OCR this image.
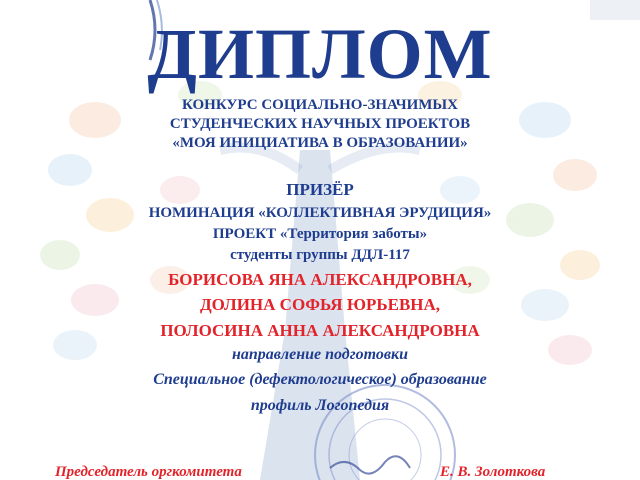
ДИПЛОМ
КОНКУРС СОЦИАЛЬНО-ЗНАЧИМЫХ
СТУДЕНЧЕСКИХ НАУЧНЫХ ПРОЕКТОВ
«МОЯ ИНИЦИАТИВА В ОБРАЗОВАНИИ»
ПРИЗЁР
НОМИНАЦИЯ «КОЛЛЕКТИВНАЯ ЭРУДИЦИЯ»
ПРОЕКТ «Территория заботы»
студенты группы ДДЛ-117
БОРИСОВА ЯНА АЛЕКСАНДРОВНА,
ДОЛИНА СОФЬЯ ЮРЬЕВНА,
ПОЛОСИНА АННА АЛЕКСАНДРОВНА
направление подготовки
Специальное (дефектологическое) образование
профиль Логопедия
Председатель оргкомитета	Е. В. Золоткова
